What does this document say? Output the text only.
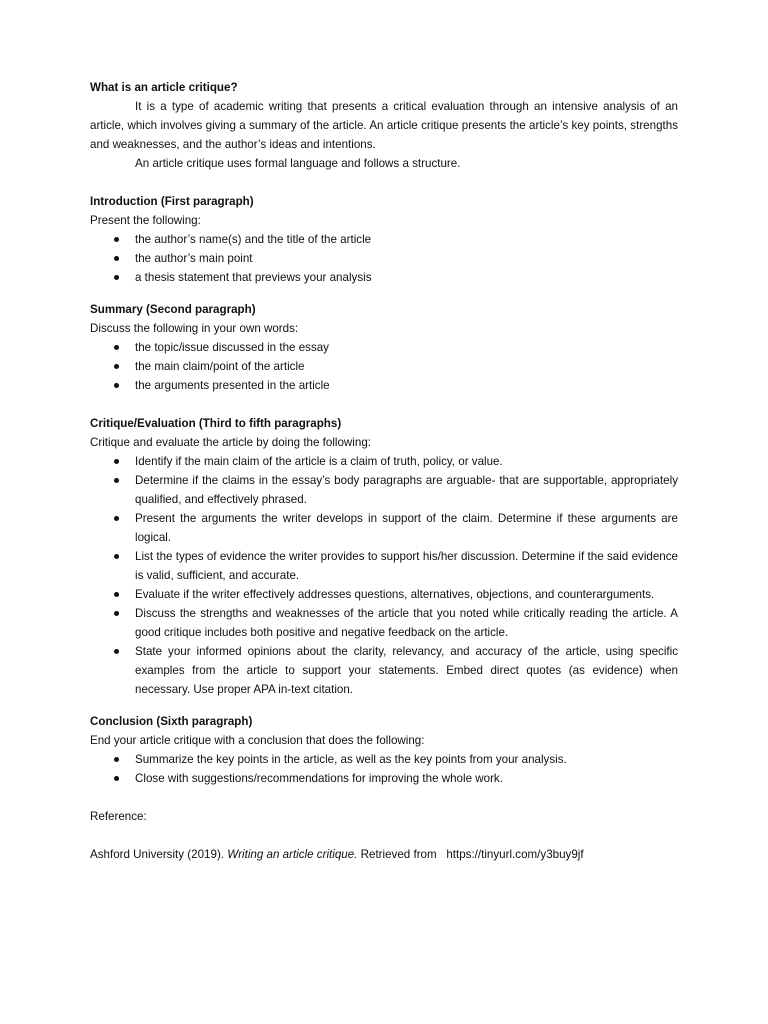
What is an article critique?

It is a type of academic writing that presents a critical evaluation through an intensive analysis of an article, which involves giving a summary of the article. An article critique presents the article’s key points, strengths and weaknesses, and the author’s ideas and intentions.

An article critique uses formal language and follows a structure.

Introduction (First paragraph)

Present the following:

the author’s name(s) and the title of the article
the author’s main point
a thesis statement that previews your analysis

Summary (Second paragraph)

Discuss the following in your own words:

the topic/issue discussed in the essay
the main claim/point of the article
the arguments presented in the article

Critique/Evaluation (Third to fifth paragraphs)

Critique and evaluate the article by doing the following:

Identify if the main claim of the article is a claim of truth, policy, or value.
Determine if the claims in the essay’s body paragraphs are arguable- that are supportable, appropriately qualified, and effectively phrased.
Present the arguments the writer develops in support of the claim. Determine if these arguments are logical.
List the types of evidence the writer provides to support his/her discussion. Determine if the said evidence is valid, sufficient, and accurate.
Evaluate if the writer effectively addresses questions, alternatives, objections, and counterarguments.
Discuss the strengths and weaknesses of the article that you noted while critically reading the article. A good critique includes both positive and negative feedback on the article.
State your informed opinions about the clarity, relevancy, and accuracy of the article, using specific examples from the article to support your statements. Embed direct quotes (as evidence) when necessary. Use proper APA in-text citation.

Conclusion (Sixth paragraph)

End your article critique with a conclusion that does the following:

Summarize the key points in the article, as well as the key points from your analysis.
Close with suggestions/recommendations for improving the whole work.

Reference:

Ashford University (2019). Writing an article critique. Retrieved from https://tinyurl.com/y3buy9jf
